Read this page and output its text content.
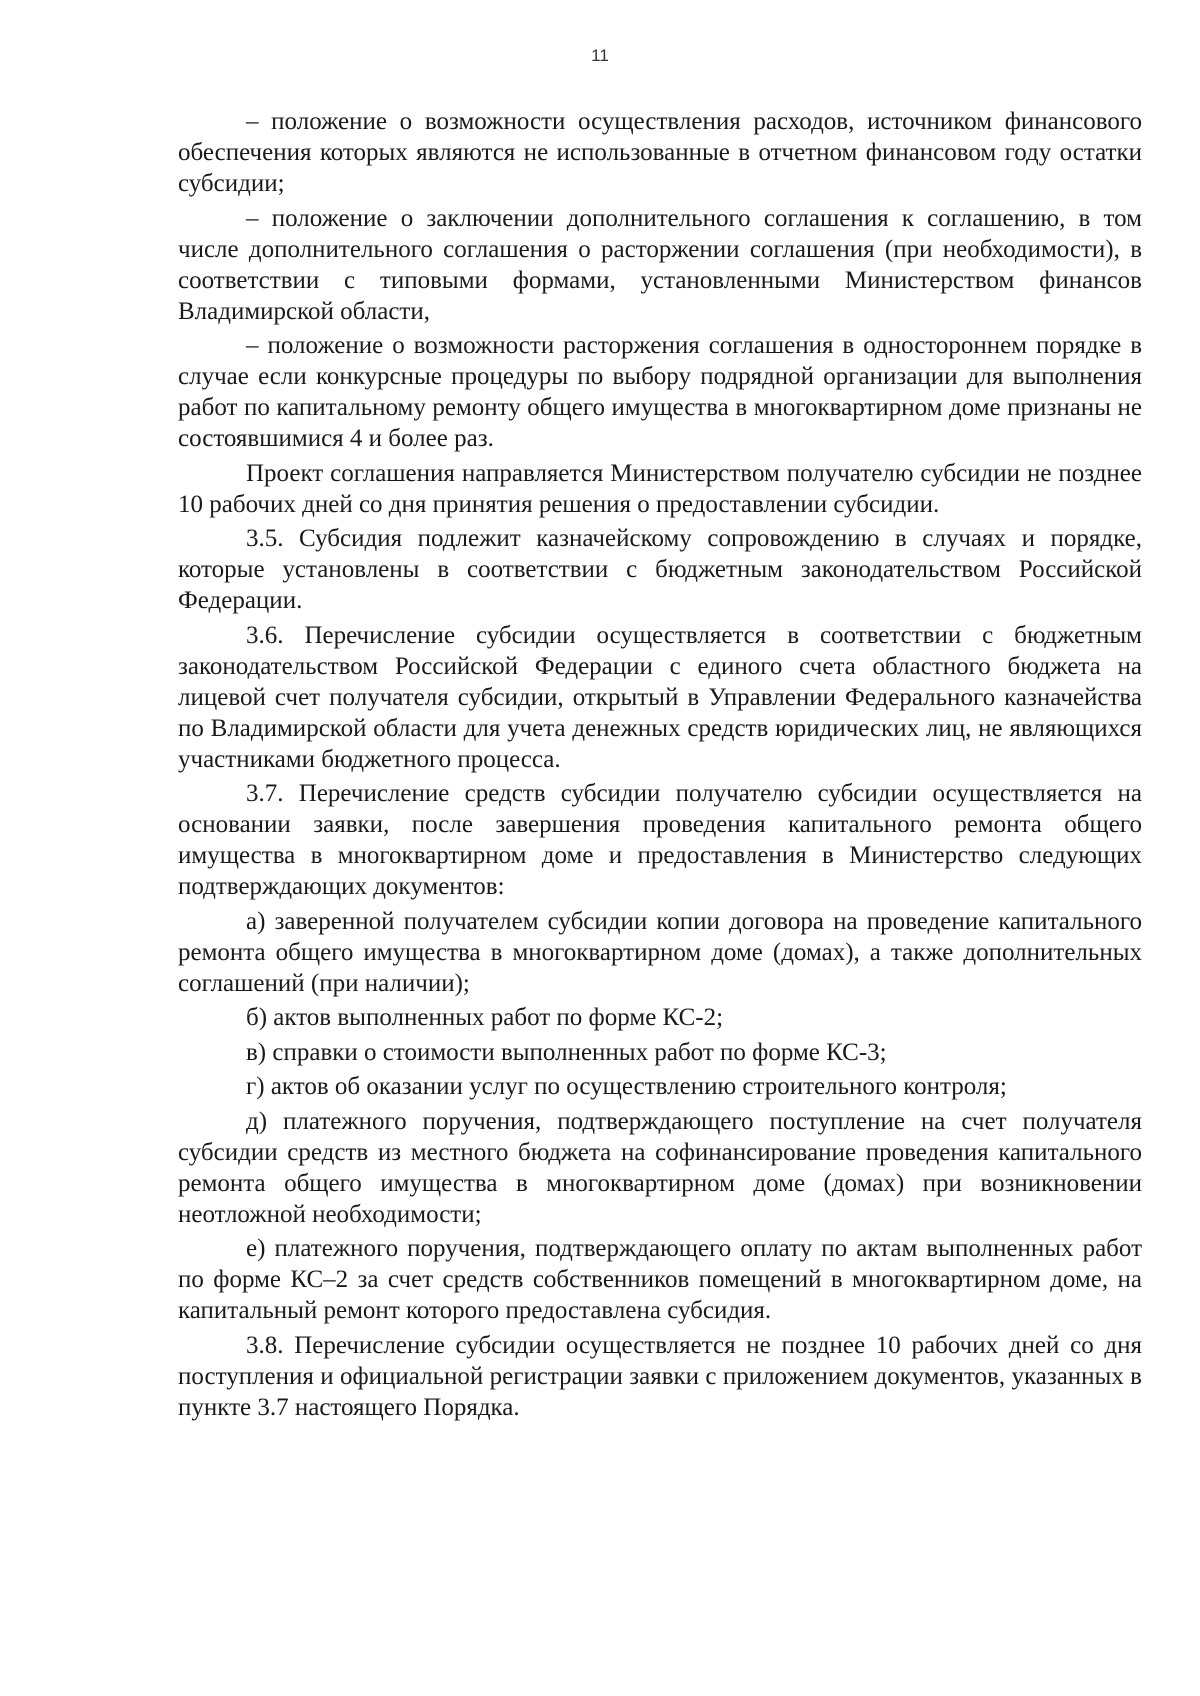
11

– положение о возможности осуществления расходов, источником финансового обеспечения которых являются не использованные в отчетном финансовом году остатки субсидии;

– положение о заключении дополнительного соглашения к соглашению, в том числе дополнительного соглашения о расторжении соглашения (при необходимости), в соответствии с типовыми формами, установленными Министерством финансов Владимирской области,

– положение о возможности расторжения соглашения в одностороннем порядке в случае если конкурсные процедуры по выбору подрядной организации для выполнения работ по капитальному ремонту общего имущества в многоквартирном доме признаны не состоявшимися 4 и более раз.

Проект соглашения направляется Министерством получателю субсидии не позднее 10 рабочих дней со дня принятия решения о предоставлении субсидии.

3.5. Субсидия подлежит казначейскому сопровождению в случаях и порядке, которые установлены в соответствии с бюджетным законодательством Российской Федерации.

3.6. Перечисление субсидии осуществляется в соответствии с бюджетным законодательством Российской Федерации с единого счета областного бюджета на лицевой счет получателя субсидии, открытый в Управлении Федерального казначейства по Владимирской области для учета денежных средств юридических лиц, не являющихся участниками бюджетного процесса.

3.7. Перечисление средств субсидии получателю субсидии осуществляется на основании заявки, после завершения проведения капитального ремонта общего имущества в многоквартирном доме и предоставления в Министерство следующих подтверждающих документов:

а) заверенной получателем субсидии копии договора на проведение капитального ремонта общего имущества в многоквартирном доме (домах), а также дополнительных соглашений (при наличии);

б) актов выполненных работ по форме КС-2;

в) справки о стоимости выполненных работ по форме КС-3;

г) актов об оказании услуг по осуществлению строительного контроля;

д) платежного поручения, подтверждающего поступление на счет получателя субсидии средств из местного бюджета на софинансирование проведения капитального ремонта общего имущества в многоквартирном доме (домах) при возникновении неотложной необходимости;

е) платежного поручения, подтверждающего оплату по актам выполненных работ по форме КС–2 за счет средств собственников помещений в многоквартирном доме, на капитальный ремонт которого предоставлена субсидия.

3.8. Перечисление субсидии осуществляется не позднее 10 рабочих дней со дня поступления и официальной регистрации заявки с приложением документов, указанных в пункте 3.7 настоящего Порядка.
